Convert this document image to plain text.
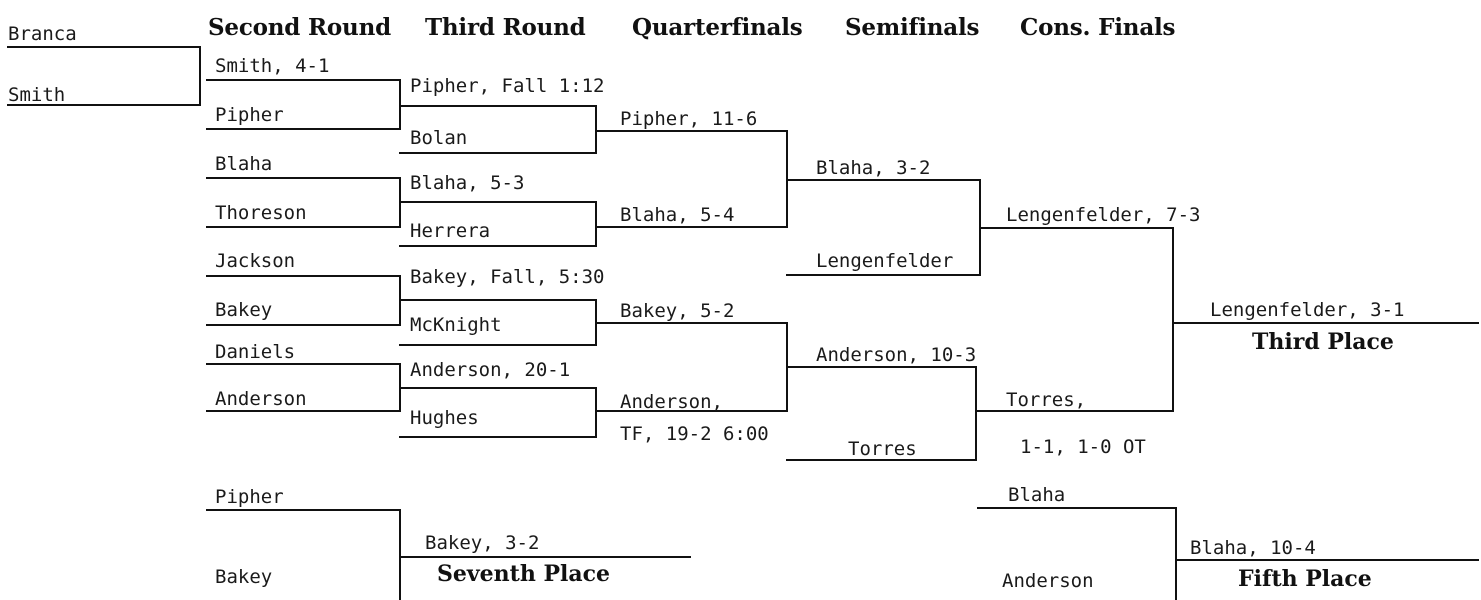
Second Round Third Round Quarterfinals Semifinals Cons. Finals
Branca
Smith
Smith, 4-1
Pipher
Blaha
Thoreson
Jackson
Bakey
Daniels
Anderson
Pipher, Fall 1:12
Bolan
Blaha, 5-3
Herrera
Bakey, Fall, 5:30
McKnight
Anderson, 20-1
Hughes
Pipher, 11-6
Blaha, 5-4
Bakey, 5-2
Anderson,
TF, 19-2 6:00
Blaha, 3-2
Lengenfelder
Anderson, 10-3
Torres
Lengenfelder, 7-3
Torres,
1-1, 1-0 OT
Lengenfelder, 3-1
Third Place
Pipher
Bakey
Bakey, 3-2
Seventh Place
Blaha
Anderson
Blaha, 10-4
Fifth Place
